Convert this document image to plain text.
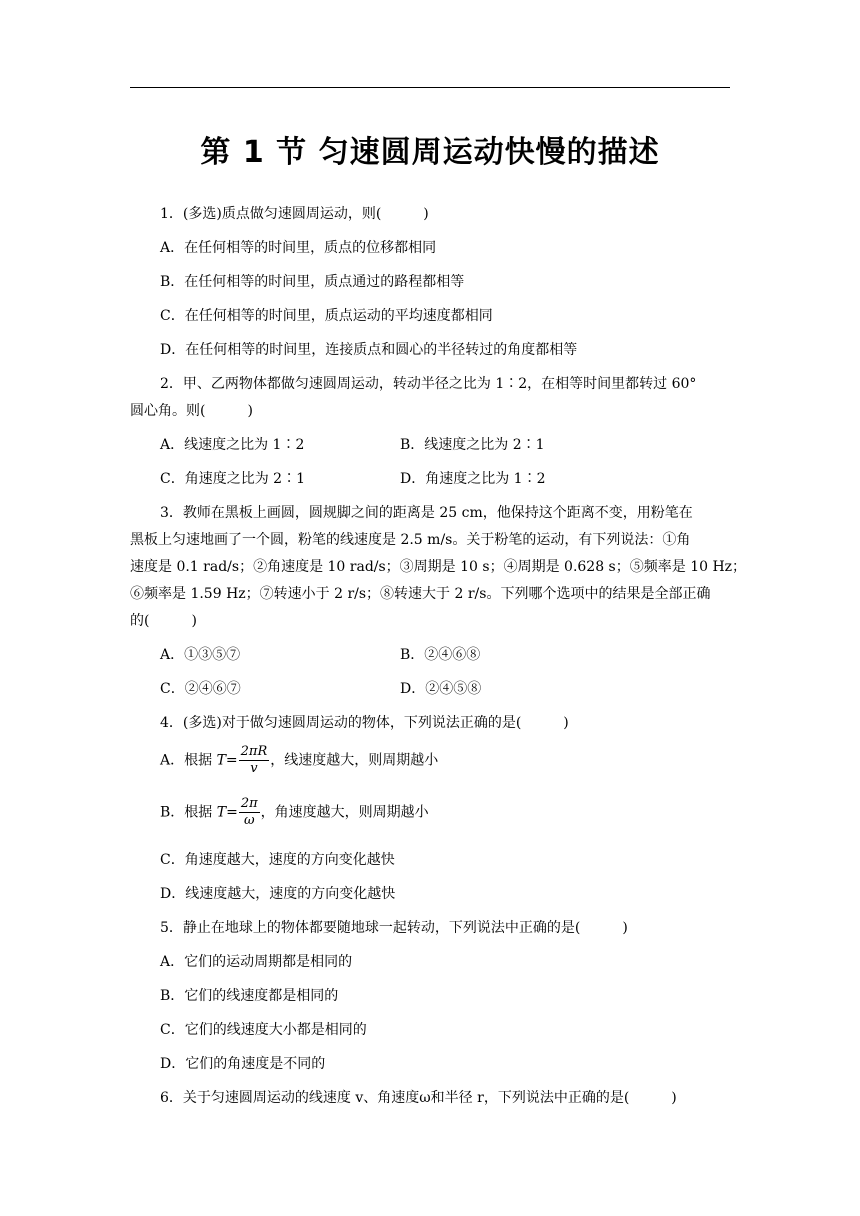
第 1 节 匀速圆周运动快慢的描述
1．(多选)质点做匀速圆周运动，则(　　　)
A．在任何相等的时间里，质点的位移都相同
B．在任何相等的时间里，质点通过的路程都相等
C．在任何相等的时间里，质点运动的平均速度都相同
D．在任何相等的时间里，连接质点和圆心的半径转过的角度都相等
2．甲、乙两物体都做匀速圆周运动，转动半径之比为 1∶2，在相等时间里都转过 60°
圆心角。则(　　　)
A．线速度之比为 1∶2	B．线速度之比为 2∶1
C．角速度之比为 2∶1	D．角速度之比为 1∶2
3．教师在黑板上画圆，圆规脚之间的距离是 25 cm，他保持这个距离不变，用粉笔在
黑板上匀速地画了一个圆，粉笔的线速度是 2.5 m/s。关于粉笔的运动，有下列说法：①角
速度是 0.1 rad/s；②角速度是 10 rad/s；③周期是 10 s；④周期是 0.628 s；⑤频率是 10 Hz；
⑥频率是 1.59 Hz；⑦转速小于 2 r/s；⑧转速大于 2 r/s。下列哪个选项中的结果是全部正确
的(　　　)
A．①③⑤⑦	B．②④⑥⑧
C．②④⑥⑦	D．②④⑤⑧
4．(多选)对于做匀速圆周运动的物体，下列说法正确的是(　　　)
A．根据 $T= \frac{2\pi R}{v}$ ，线速度越大，则周期越小
B．根据 $T= \frac{2\pi}{\omega}$ ，角速度越大，则周期越小
C．角速度越大，速度的方向变化越快
D．线速度越大，速度的方向变化越快
5．静止在地球上的物体都要随地球一起转动，下列说法中正确的是(　　　)
A．它们的运动周期都是相同的
B．它们的线速度都是相同的
C．它们的线速度大小都是相同的
D．它们的角速度是不同的
6．关于匀速圆周运动的线速度 v、角速度ω和半径 r，下列说法中正确的是(　　　)
